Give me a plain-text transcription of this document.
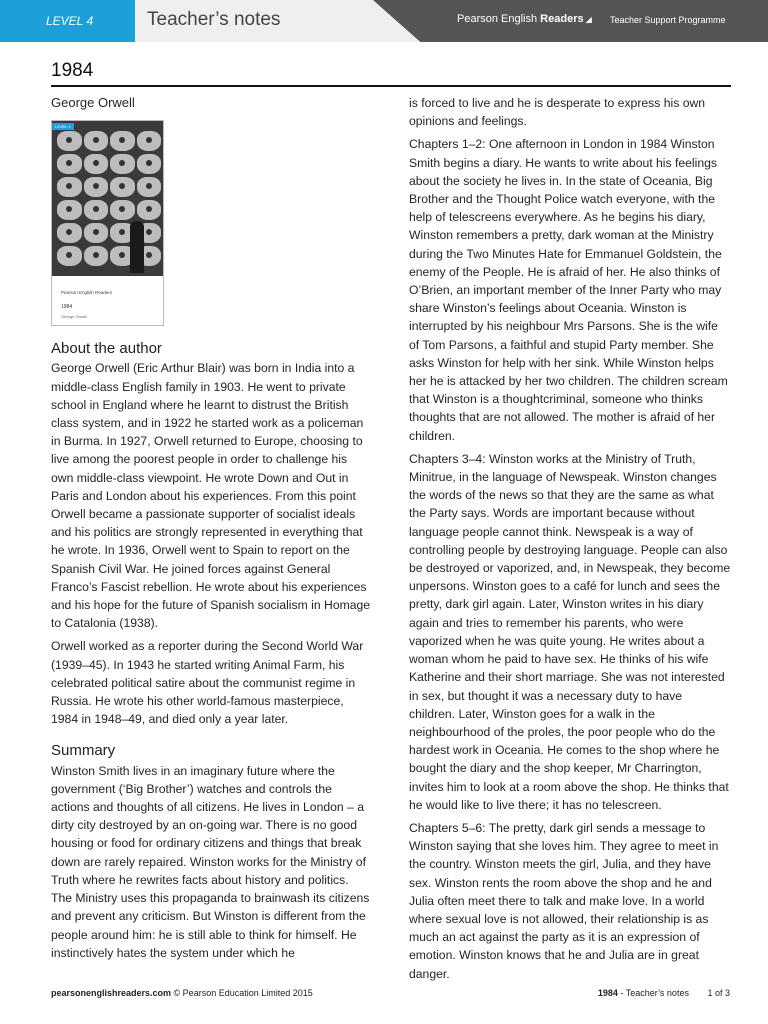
LEVEL 4	Teacher’s notes	Pearson English Readers ◢ Teacher Support Programme
1984
George Orwell
LEVEL 4
Pearson English Readers
1984
George Orwell
About the author

George Orwell (Eric Arthur Blair) was born in India into a middle-class English family in 1903. He went to private school in England where he learnt to distrust the British class system, and in 1922 he started work as a policeman in Burma. In 1927, Orwell returned to Europe, choosing to live among the poorest people in order to challenge his own middle-class viewpoint. He wrote Down and Out in Paris and London about his experiences. From this point Orwell became a passionate supporter of socialist ideals and his politics are strongly represented in everything that he wrote. In 1936, Orwell went to Spain to report on the Spanish Civil War. He joined forces against General Franco’s Fascist rebellion. He wrote about his experiences and his hope for the future of Spanish socialism in Homage to Catalonia (1938).

Orwell worked as a reporter during the Second World War (1939–45). In 1943 he started writing Animal Farm, his celebrated political satire about the communist regime in Russia. He wrote his other world-famous masterpiece, 1984 in 1948–49, and died only a year later.

Summary

Winston Smith lives in an imaginary future where the government (‘Big Brother’) watches and controls the actions and thoughts of all citizens. He lives in London – a dirty city destroyed by an on-going war. There is no good housing or food for ordinary citizens and things that break down are rarely repaired. Winston works for the Ministry of Truth where he rewrites facts about history and politics. The Ministry uses this propaganda to brainwash its citizens and prevent any criticism. But Winston is different from the people around him: he is still able to think for himself. He instinctively hates the system under which he

is forced to live and he is desperate to express his own opinions and feelings.

Chapters 1–2: One afternoon in London in 1984 Winston Smith begins a diary. He wants to write about his feelings about the society he lives in. In the state of Oceania, Big Brother and the Thought Police watch everyone, with the help of telescreens everywhere. As he begins his diary, Winston remembers a pretty, dark woman at the Ministry during the Two Minutes Hate for Emmanuel Goldstein, the enemy of the People. He is afraid of her. He also thinks of O’Brien, an important member of the Inner Party who may share Winston’s feelings about Oceania. Winston is interrupted by his neighbour Mrs Parsons. She is the wife of Tom Parsons, a faithful and stupid Party member. She asks Winston for help with her sink. While Winston helps her he is attacked by her two children. The children scream that Winston is a thoughtcriminal, someone who thinks thoughts that are not allowed. The mother is afraid of her children.

Chapters 3–4: Winston works at the Ministry of Truth, Minitrue, in the language of Newspeak. Winston changes the words of the news so that they are the same as what the Party says. Words are important because without language people cannot think. Newspeak is a way of controlling people by destroying language. People can also be destroyed or vaporized, and, in Newspeak, they become unpersons. Winston goes to a café for lunch and sees the pretty, dark girl again. Later, Winston writes in his diary again and tries to remember his parents, who were vaporized when he was quite young. He writes about a woman whom he paid to have sex. He thinks of his wife Katherine and their short marriage. She was not interested in sex, but thought it was a necessary duty to have children. Later, Winston goes for a walk in the neighbourhood of the proles, the poor people who do the hardest work in Oceania. He comes to the shop where he bought the diary and the shop keeper, Mr Charrington, invites him to look at a room above the shop. He thinks that he would like to live there; it has no telescreen.

Chapters 5–6: The pretty, dark girl sends a message to Winston saying that she loves him. They agree to meet in the country. Winston meets the girl, Julia, and they have sex. Winston rents the room above the shop and he and Julia often meet there to talk and make love. In a world where sexual love is not allowed, their relationship is as much an act against the party as it is an expression of emotion. Winston knows that he and Julia are in great danger.

pearsonenglishreaders.com © Pearson Education Limited 2015	1984 - Teacher’s notes 1 of 3
